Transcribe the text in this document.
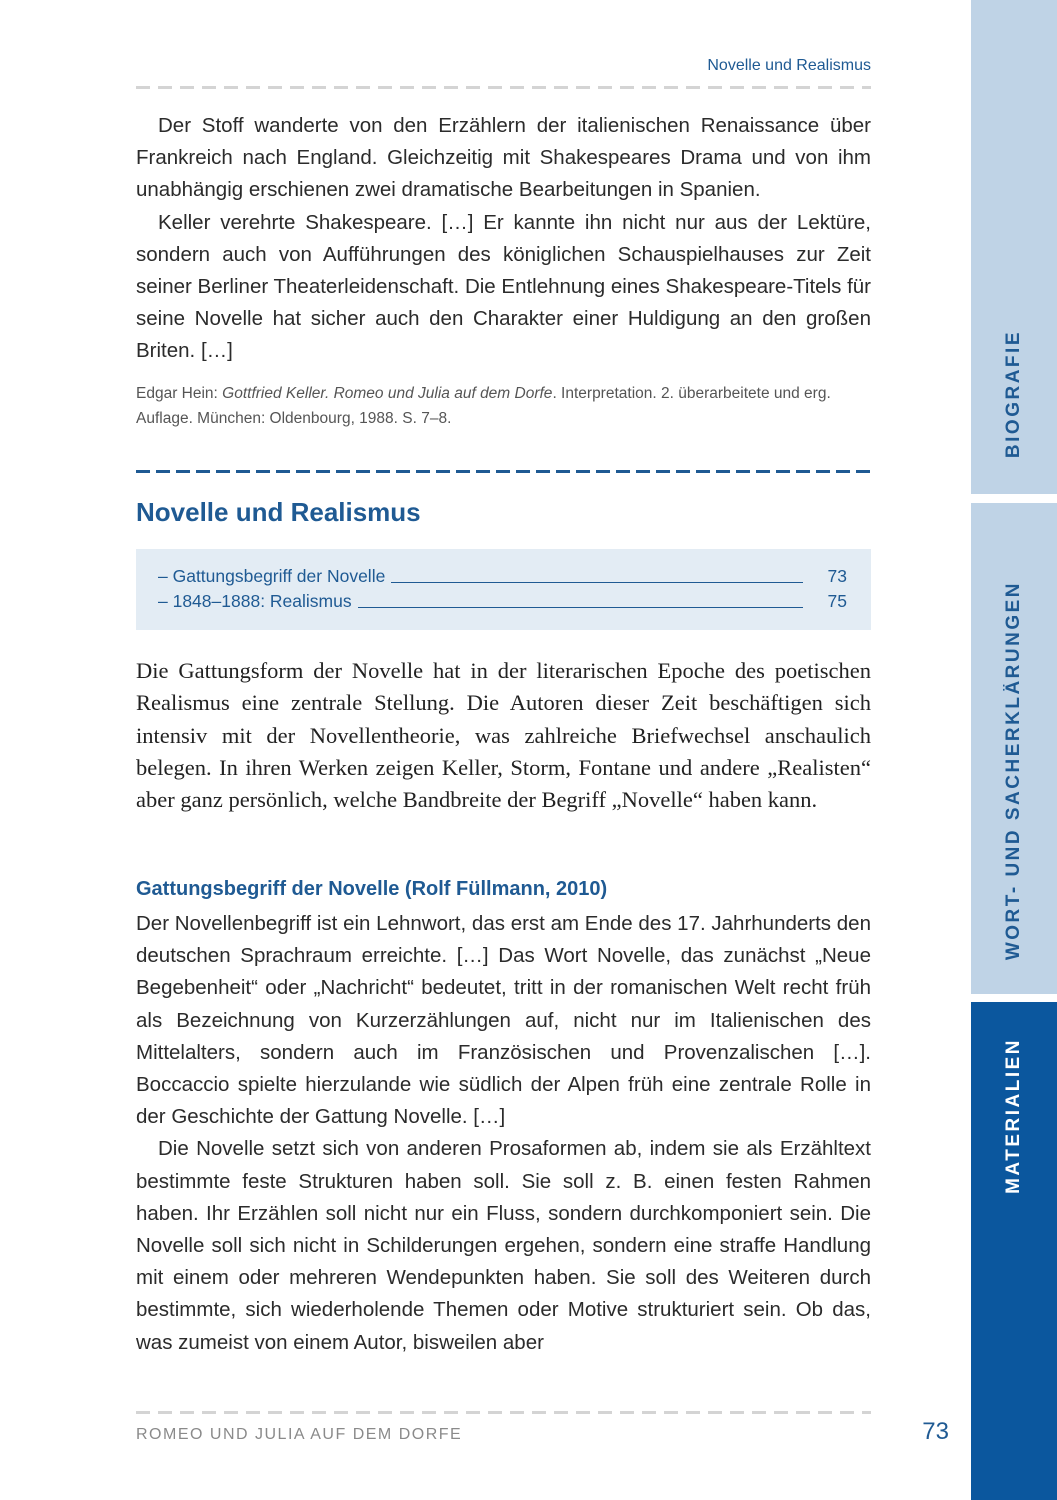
Novelle und Realismus

Der Stoff wanderte von den Erzählern der italienischen Renaissance über Frankreich nach England. Gleichzeitig mit Shakespeares Drama und von ihm unabhängig erschienen zwei dramatische Bearbeitungen in Spanien.

Keller verehrte Shakespeare. […] Er kannte ihn nicht nur aus der Lektüre, sondern auch von Aufführungen des königlichen Schauspielhauses zur Zeit seiner Berliner Theaterleidenschaft. Die Entlehnung eines Shakespeare-Titels für seine Novelle hat sicher auch den Charakter einer Huldigung an den großen Briten. […]

Edgar Hein: Gottfried Keller. Romeo und Julia auf dem Dorfe. Interpretation. 2. überarbeitete und erg. Auflage. München: Oldenbourg, 1988. S. 7–8.
Novelle und Realismus
– Gattungsbegriff der Novelle	73
– 1848–1888: Realismus	75

Die Gattungsform der Novelle hat in der literarischen Epoche des poetischen Realismus eine zentrale Stellung. Die Autoren dieser Zeit beschäftigen sich intensiv mit der Novellentheorie, was zahlreiche Briefwechsel anschaulich belegen. In ihren Werken zeigen Keller, Storm, Fontane und andere „Realisten“ aber ganz persönlich, welche Bandbreite der Begriff „Novelle“ haben kann.

Gattungsbegriff der Novelle (Rolf Füllmann, 2010)

Der Novellenbegriff ist ein Lehnwort, das erst am Ende des 17. Jahrhunderts den deutschen Sprachraum erreichte. […] Das Wort Novelle, das zunächst „Neue Begebenheit“ oder „Nachricht“ bedeutet, tritt in der romanischen Welt recht früh als Bezeichnung von Kurzerzählungen auf, nicht nur im Italienischen des Mittelalters, sondern auch im Französischen und Provenzalischen […]. Boccaccio spielte hierzulande wie südlich der Alpen früh eine zentrale Rolle in der Geschichte der Gattung Novelle. […]

Die Novelle setzt sich von anderen Prosaformen ab, indem sie als Erzähltext bestimmte feste Strukturen haben soll. Sie soll z. B. einen festen Rahmen haben. Ihr Erzählen soll nicht nur ein Fluss, sondern durchkomponiert sein. Die Novelle soll sich nicht in Schilderungen ergehen, sondern eine straffe Handlung mit einem oder mehreren Wendepunkten haben. Sie soll des Weiteren durch bestimmte, sich wiederholende Themen oder Motive strukturiert sein. Ob das, was zumeist von einem Autor, bisweilen aber

ROMEO UND JULIA AUF DEM DORFE	73
BIOGRAFIE
WORT- UND SACHERKLÄRUNGEN
MATERIALIEN
